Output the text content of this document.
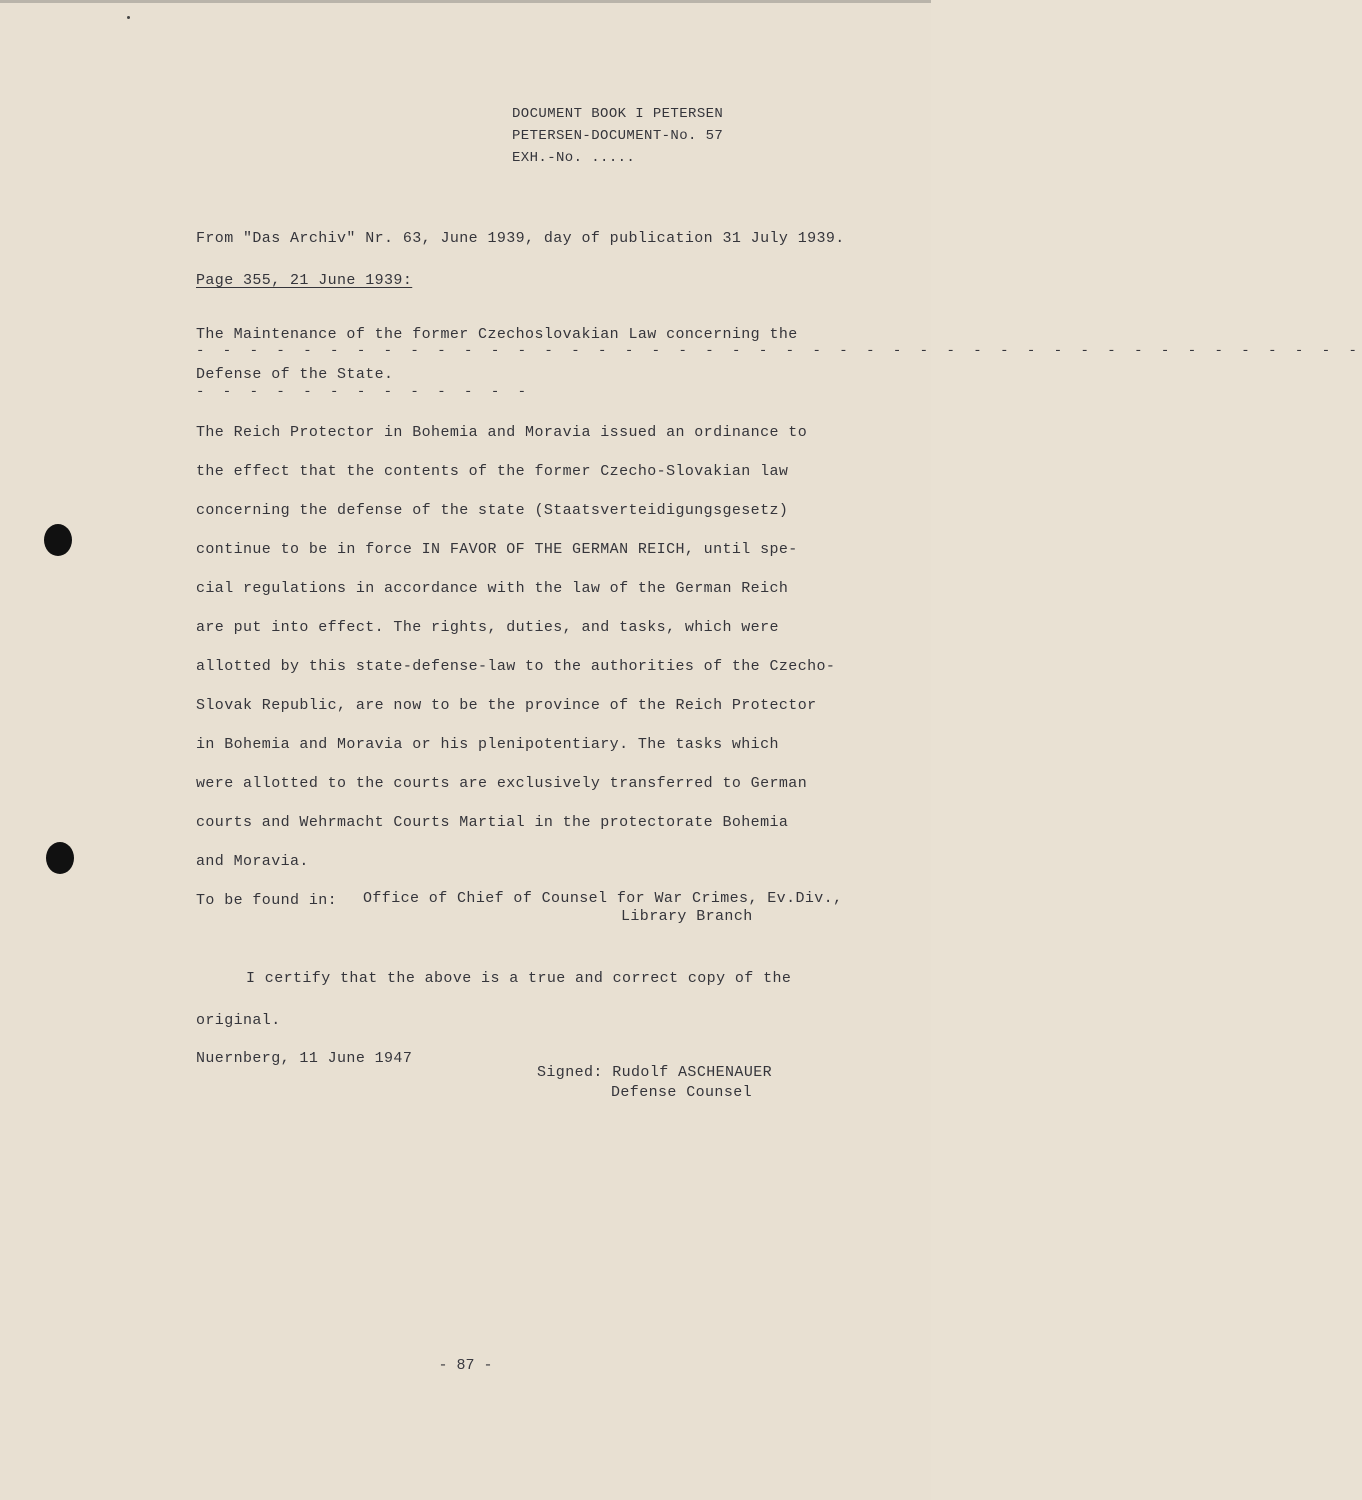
DOCUMENT BOOK I PETERSEN
PETERSEN-DOCUMENT-No. 57
EXH.-No. .....
From "Das Archiv" Nr. 63, June 1939, day of publication 31 July 1939.
Page 355, 21 June 1939:
The Maintenance of the former Czechoslovakian Law concerning the
- - - - - - - - - - - - - - - - - - - - - - - - - - - - - - - - - - - - - - - - - - - -
Defense of the State.
- - - - - - - - - - - - -
The Reich Protector in Bohemia and Moravia issued an ordinance to
the effect that the contents of the former Czecho-Slovakian law
concerning the defense of the state (Staatsverteidigungsgesetz)
continue to be in force IN FAVOR OF THE GERMAN REICH, until spe-
cial regulations in accordance with the law of the German Reich
are put into effect. The rights, duties, and tasks, which were
allotted by this state-defense-law to the authorities of the Czecho-
Slovak Republic, are now to be the province of the Reich Protector
in Bohemia and Moravia or his plenipotentiary. The tasks which
were allotted to the courts are exclusively transferred to German
courts and Wehrmacht Courts Martial in the protectorate Bohemia
and Moravia.
To be found in: Office of Chief of Counsel for War Crimes, Ev.Div.,
Library Branch
I certify that the above is a true and correct copy of the
original.
Nuernberg, 11 June 1947
Signed: Rudolf ASCHENAUER
Defense Counsel
- 87 -
